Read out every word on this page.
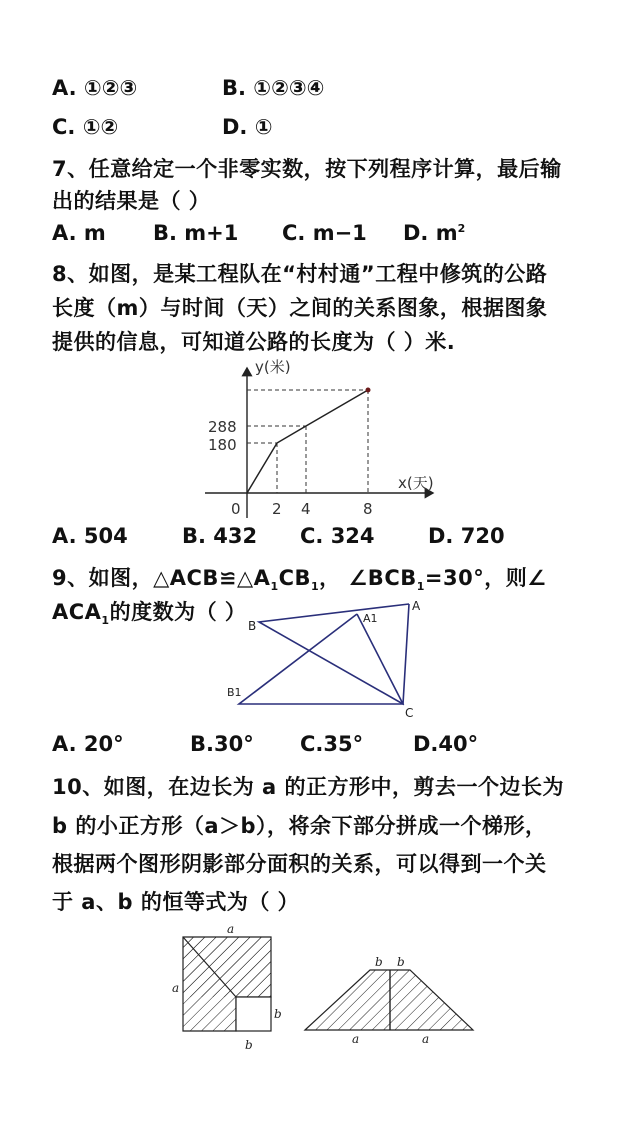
A. ①②③	B. ①②③④
C. ①②	D. ①
7、任意给定一个非零实数，按下列程序计算，最后输
出的结果是（ ）
A. m B. m+1 C. m−1 D. $m^2$
8、如图，是某工程队在“村村通”工程中修筑的公路
长度（m）与时间（天）之间的关系图象，根据图象
提供的信息，可知道公路的长度为（ ）米.
y(米)
x(天)
288
180
0 2 4	8
A. 504	B. 432 C. 324	D. 720
9、如图，$\triangle ACB≌\triangle A_1CB_1$， $\angle BCB_1=30^\circ$，则∠
$ACA_1$的度数为（ ）
B
A1
A
B1
C
A. 20°	B.30° C.35° D.40°
10、如图，在边长为 a 的正方形中，剪去一个边长为
b 的小正方形（a＞b），将余下部分拼成一个梯形，
根据两个图形阴影部分面积的关系，可以得到一个关
于 a、b 的恒等式为（ ）
a
a
b
b
b b
a	a
